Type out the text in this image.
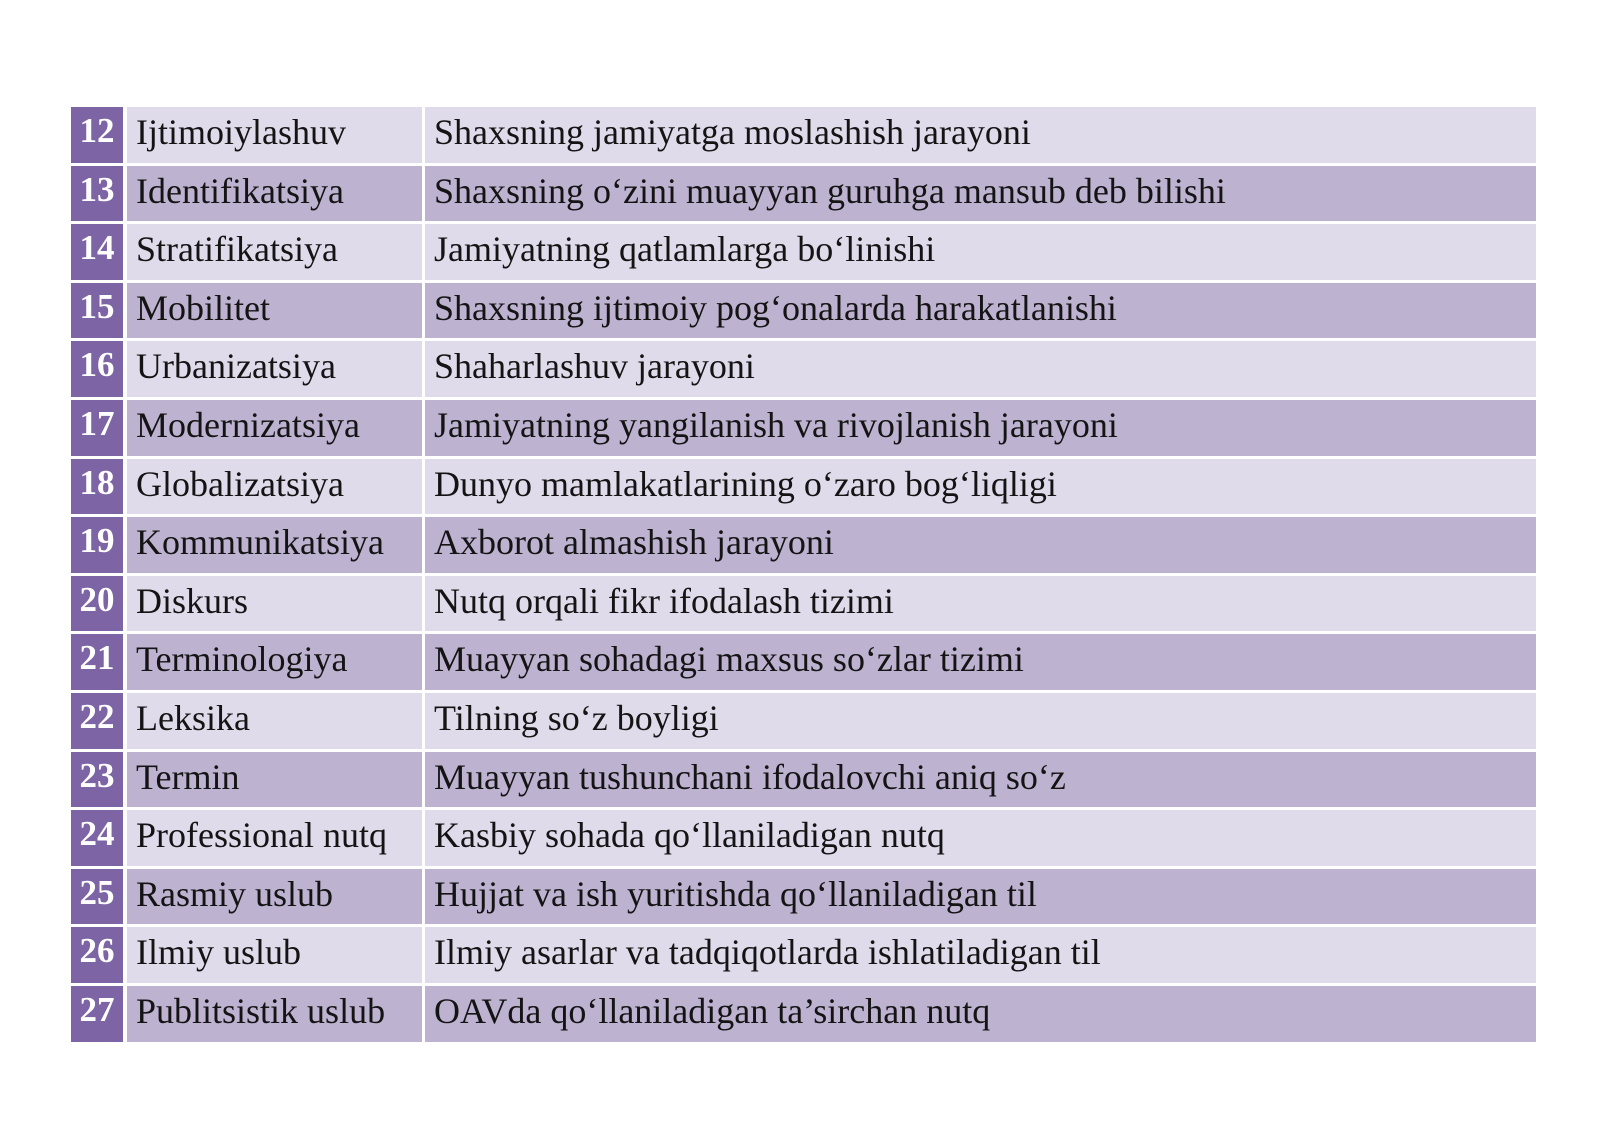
12	Ijtimoiylashuv	Shaxsning jamiyatga moslashish jarayoni
13	Identifikatsiya	Shaxsning o‘zini muayyan guruhga mansub deb bilishi
14	Stratifikatsiya	Jamiyatning qatlamlarga bo‘linishi
15	Mobilitet	Shaxsning ijtimoiy pog‘onalarda harakatlanishi
16	Urbanizatsiya	Shaharlashuv jarayoni
17	Modernizatsiya	Jamiyatning yangilanish va rivojlanish jarayoni
18	Globalizatsiya	Dunyo mamlakatlarining o‘zaro bog‘liqligi
19	Kommunikatsiya	Axborot almashish jarayoni
20	Diskurs	Nutq orqali fikr ifodalash tizimi
21	Terminologiya	Muayyan sohadagi maxsus so‘zlar tizimi
22	Leksika	Tilning so‘z boyligi
23	Termin	Muayyan tushunchani ifodalovchi aniq so‘z
24	Professional nutq	Kasbiy sohada qo‘llaniladigan nutq
25	Rasmiy uslub	Hujjat va ish yuritishda qo‘llaniladigan til
26	Ilmiy uslub	Ilmiy asarlar va tadqiqotlarda ishlatiladigan til
27	Publitsistik uslub	OAVda qo‘llaniladigan ta’sirchan nutq
